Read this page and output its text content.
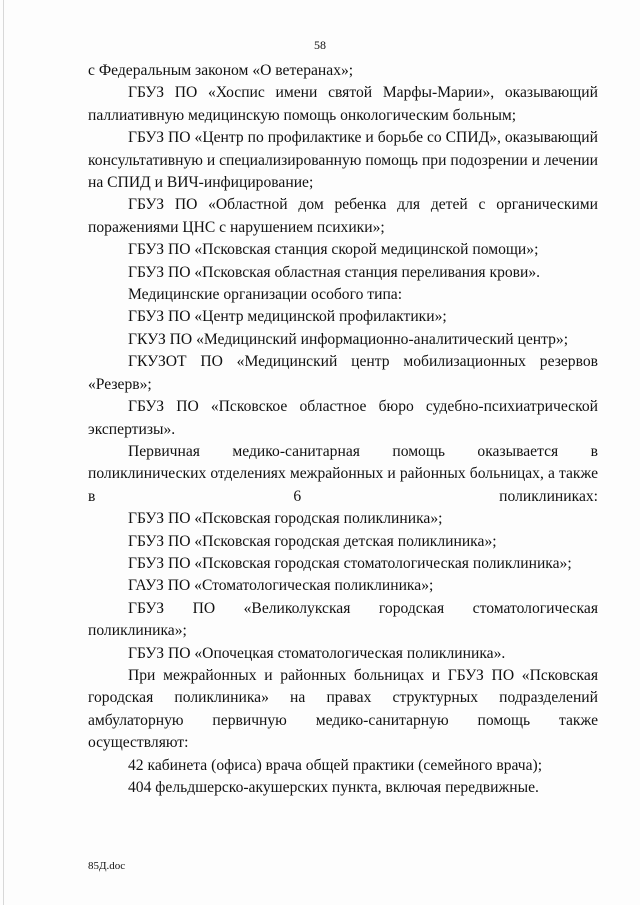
58

с Федеральным законом «О ветеранах»;

ГБУЗ ПО «Хоспис имени святой Марфы-Марии», оказывающий паллиативную медицинскую помощь онкологическим больным;

ГБУЗ ПО «Центр по профилактике и борьбе со СПИД», оказывающий консультативную и специализированную помощь при подозрении и лечении на СПИД и ВИЧ-инфицирование;

ГБУЗ ПО «Областной дом ребенка для детей с органическими поражениями ЦНС с нарушением психики»;

ГБУЗ ПО «Псковская станция скорой медицинской помощи»;

ГБУЗ ПО «Псковская областная станция переливания крови».

Медицинские организации особого типа:

ГБУЗ ПО «Центр медицинской профилактики»;

ГКУЗ ПО «Медицинский информационно-аналитический центр»;

ГКУЗОТ ПО «Медицинский центр мобилизационных резервов «Резерв»;

ГБУЗ ПО «Псковское областное бюро судебно-психиатрической экспертизы».

Первичная медико-санитарная помощь оказывается в поликлинических отделениях межрайонных и районных больницах, а также в 6 поликлиниках:

ГБУЗ ПО «Псковская городская поликлиника»;

ГБУЗ ПО «Псковская городская детская поликлиника»;

ГБУЗ ПО «Псковская городская стоматологическая поликлиника»;

ГАУЗ ПО «Стоматологическая поликлиника»;

ГБУЗ ПО «Великолукская городская стоматологическая поликлиника»;

ГБУЗ ПО «Опочецкая стоматологическая поликлиника».

При межрайонных и районных больницах и ГБУЗ ПО «Псковская городская поликлиника» на правах структурных подразделений амбулаторную первичную медико-санитарную помощь также осуществляют:

42 кабинета (офиса) врача общей практики (семейного врача);

404 фельдшерско-акушерских пункта, включая передвижные.

85Д.doc
